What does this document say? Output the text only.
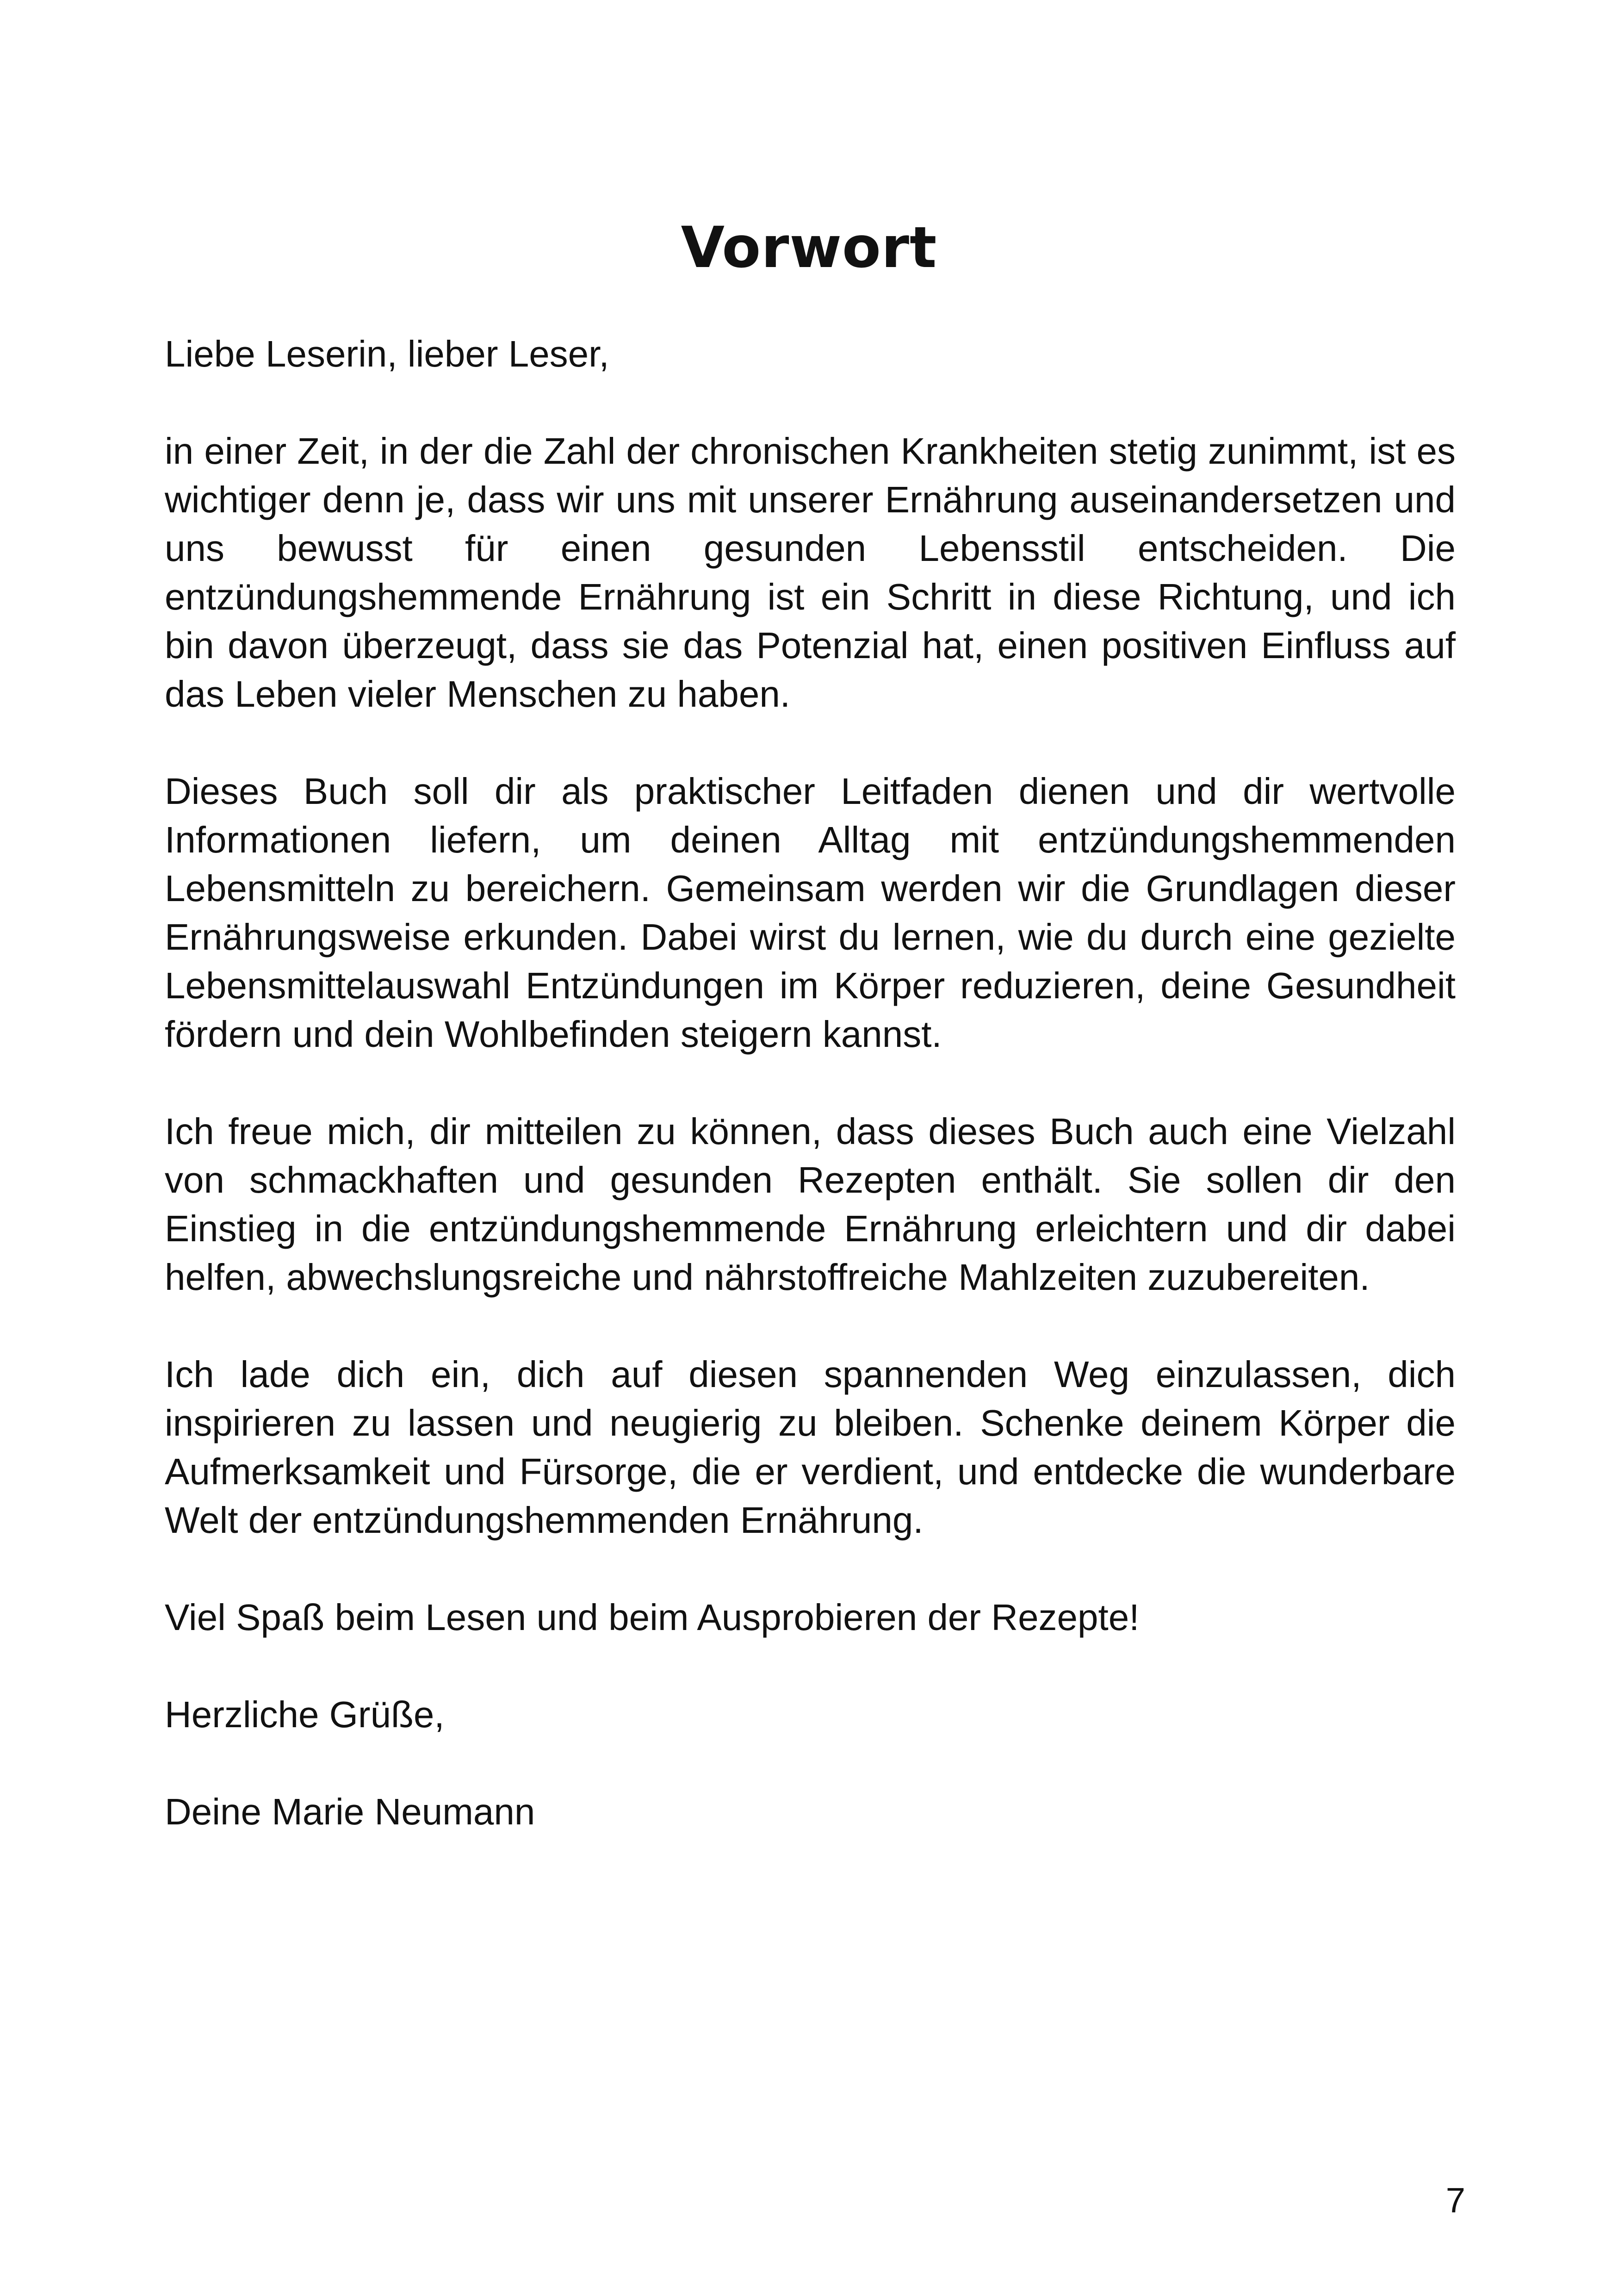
Vorwort

Liebe Leserin, lieber Leser,

in einer Zeit, in der die Zahl der chronischen Krankheiten stetig zunimmt, ist es wichtiger denn je, dass wir uns mit unserer Ernährung auseinandersetzen und uns bewusst für einen gesunden Lebensstil entscheiden. Die entzündungshemmende Ernährung ist ein Schritt in diese Richtung, und ich bin davon überzeugt, dass sie das Potenzial hat, einen positiven Einfluss auf das Leben vieler Menschen zu haben.

Dieses Buch soll dir als praktischer Leitfaden dienen und dir wertvolle Informationen liefern, um deinen Alltag mit entzündungshemmenden Lebensmitteln zu bereichern. Gemeinsam werden wir die Grundlagen dieser Ernährungsweise erkunden. Dabei wirst du lernen, wie du durch eine gezielte Lebensmittelauswahl Entzündungen im Körper reduzieren, deine Gesundheit fördern und dein Wohlbefinden steigern kannst.

Ich freue mich, dir mitteilen zu können, dass dieses Buch auch eine Vielzahl von schmackhaften und gesunden Rezepten enthält. Sie sollen dir den Einstieg in die entzündungshemmende Ernährung erleichtern und dir dabei helfen, abwechslungsreiche und nährstoffreiche Mahlzeiten zuzubereiten.

Ich lade dich ein, dich auf diesen spannenden Weg einzulassen, dich inspirieren zu lassen und neugierig zu bleiben. Schenke deinem Körper die Aufmerksamkeit und Fürsorge, die er verdient, und entdecke die wunderbare Welt der entzündungshemmenden Ernährung.

Viel Spaß beim Lesen und beim Ausprobieren der Rezepte!

Herzliche Grüße,

Deine Marie Neumann

7
